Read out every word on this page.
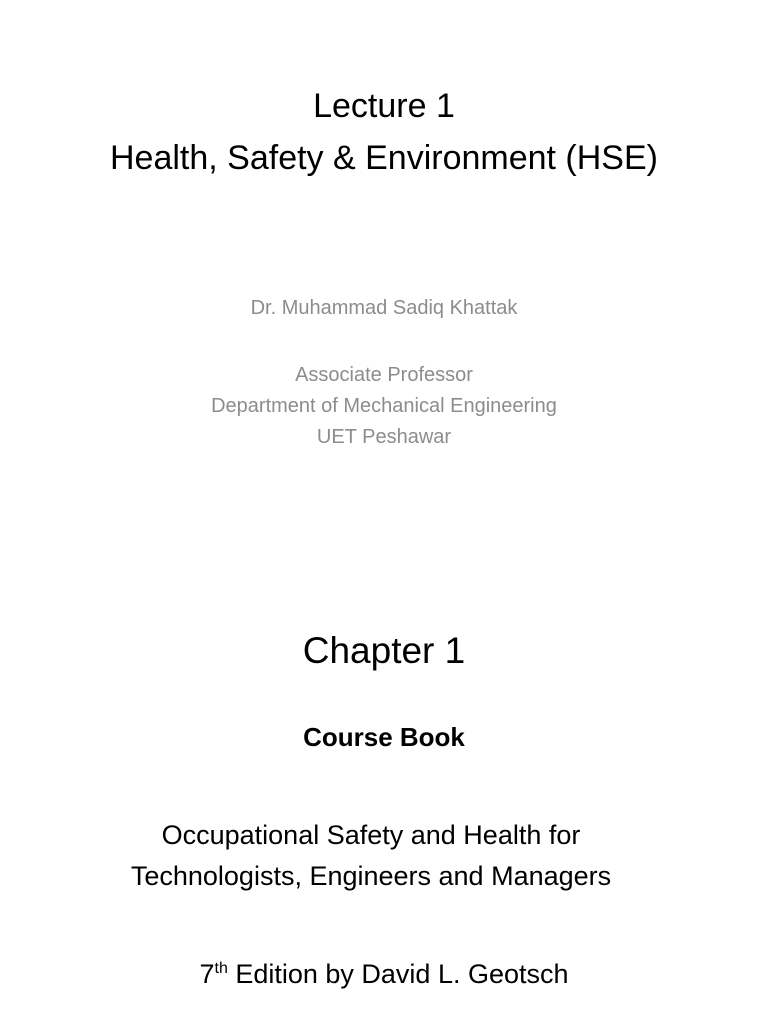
Lecture 1

Health, Safety & Environment (HSE)

Dr. Muhammad Sadiq Khattak

Associate Professor

Department of Mechanical Engineering

UET Peshawar

Chapter 1

Course Book

Occupational Safety and Health for

Technologists, Engineers and Managers

7th Edition by David L. Geotsch
